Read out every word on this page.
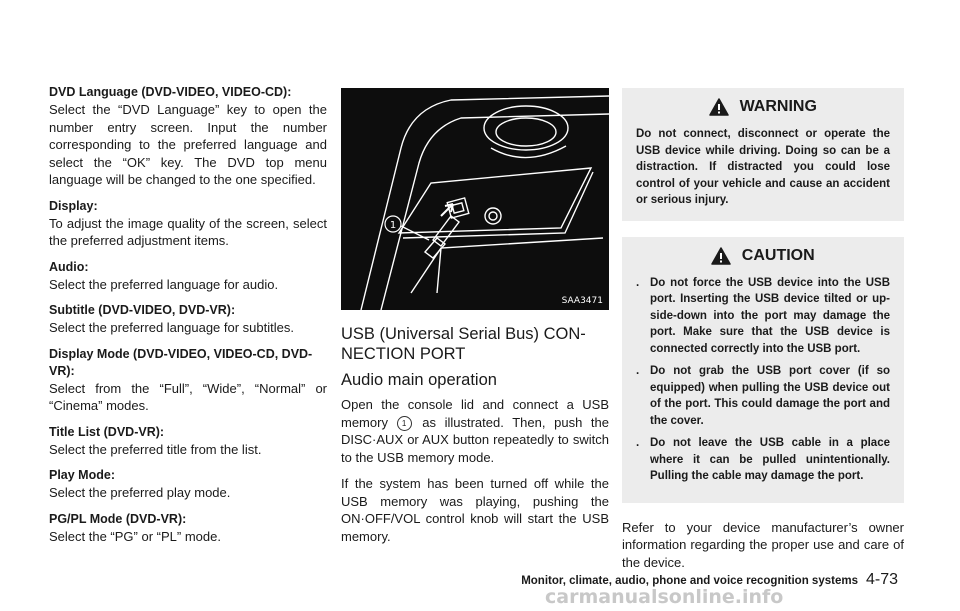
DVD Language (DVD-VIDEO, VIDEO-CD):

Select the “DVD Language” key to open the number entry screen. Input the number corresponding to the preferred language and select the “OK” key. The DVD top menu language will be changed to the one specified.

Display:

To adjust the image quality of the screen, select the preferred adjustment items.

Audio:

Select the preferred language for audio.

Subtitle (DVD-VIDEO, DVD-VR):

Select the preferred language for subtitles.

Display Mode (DVD-VIDEO, VIDEO-CD, DVD-VR):

Select from the “Full”, “Wide”, “Normal” or “Cinema” modes.

Title List (DVD-VR):

Select the preferred title from the list.

Play Mode:

Select the preferred play mode.

PG/PL Mode (DVD-VR):

Select the “PG” or “PL” mode.

1
SAA3471

USB (Universal Serial Bus) CON-NECTION PORT

Audio main operation

Open the console lid and connect a USB memory 1 as illustrated. Then, push the DISC·AUX or AUX button repeatedly to switch to the USB memory mode.

If the system has been turned off while the USB memory was playing, pushing the ON·OFF/VOL control knob will start the USB memory.

WARNING

Do not connect, disconnect or operate the USB device while driving. Doing so can be a distraction. If distracted you could lose control of your vehicle and cause an accident or serious injury.

CAUTION
. Do not force the USB device into the USB port. Inserting the USB device tilted or up-side-down into the port may damage the port. Make sure that the USB device is connected correctly into the USB port.
. Do not grab the USB port cover (if so equipped) when pulling the USB device out of the port. This could damage the port and the cover.
. Do not leave the USB cable in a place where it can be pulled unintentionally. Pulling the cable may damage the port.

Refer to your device manufacturer’s owner information regarding the proper use and care of the device.

Monitor, climate, audio, phone and voice recognition systems 4-73
carmanualsonline.info
